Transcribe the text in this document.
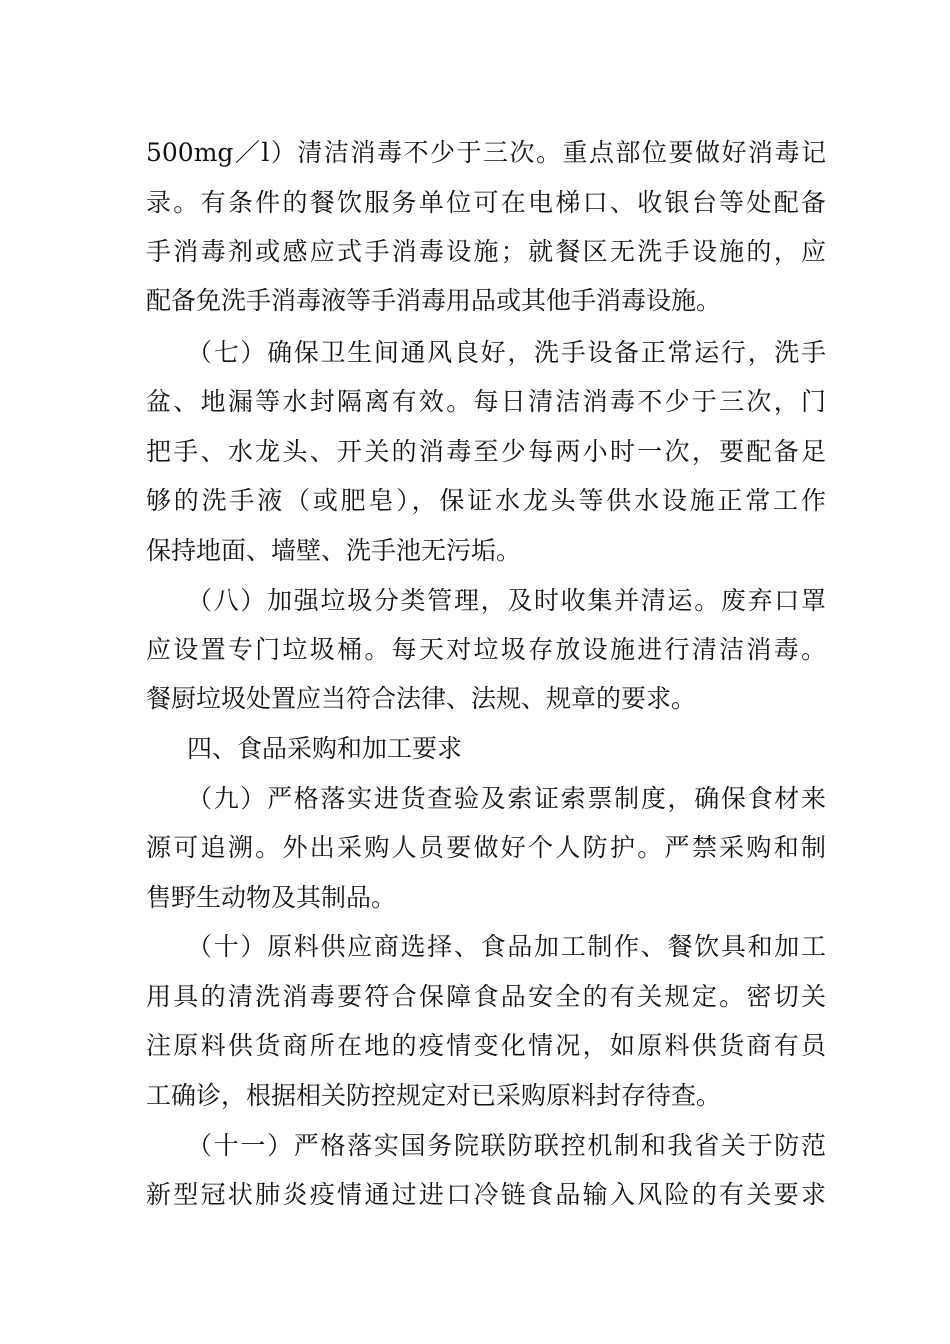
500mg／l）清洁消毒不少于三次。重点部位要做好消毒记
录。有条件的餐饮服务单位可在电梯口、收银台等处配备
手消毒剂或感应式手消毒设施；就餐区无洗手设施的，应
配备免洗手消毒液等手消毒用品或其他手消毒设施。
（七）确保卫生间通风良好，洗手设备正常运行，洗手
盆、地漏等水封隔离有效。每日清洁消毒不少于三次，门
把手、水龙头、开关的消毒至少每两小时一次，要配备足
够的洗手液（或肥皂），保证水龙头等供水设施正常工作
保持地面、墙壁、洗手池无污垢。
（八）加强垃圾分类管理，及时收集并清运。废弃口罩
应设置专门垃圾桶。每天对垃圾存放设施进行清洁消毒。
餐厨垃圾处置应当符合法律、法规、规章的要求。
四、食品采购和加工要求
（九）严格落实进货查验及索证索票制度，确保食材来
源可追溯。外出采购人员要做好个人防护。严禁采购和制
售野生动物及其制品。
（十）原料供应商选择、食品加工制作、餐饮具和加工
用具的清洗消毒要符合保障食品安全的有关规定。密切关
注原料供货商所在地的疫情变化情况，如原料供货商有员
工确诊，根据相关防控规定对已采购原料封存待查。
（十一）严格落实国务院联防联控机制和我省关于防范
新型冠状肺炎疫情通过进口冷链食品输入风险的有关要求
